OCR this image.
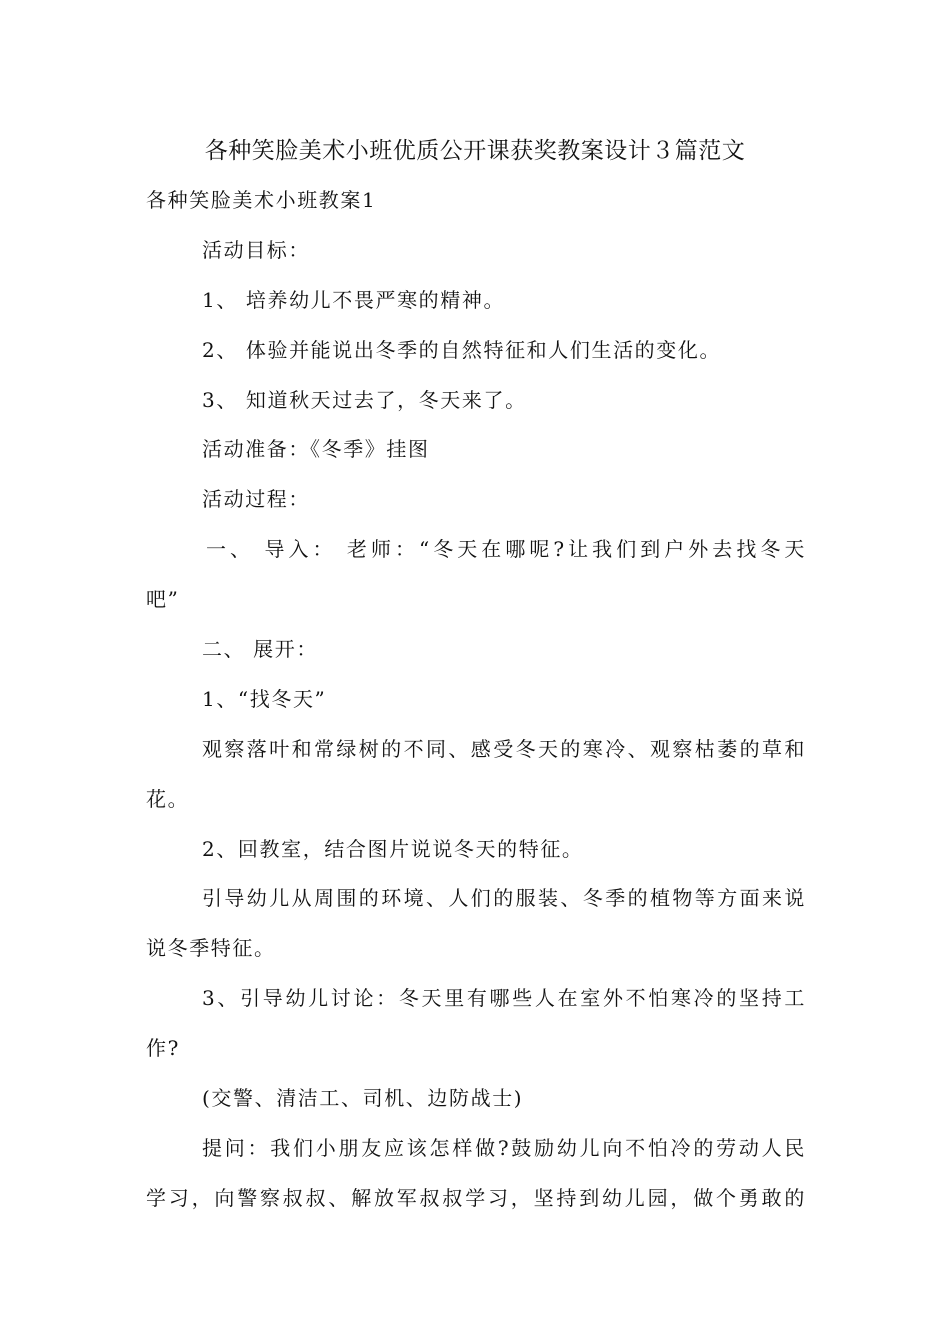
各种笑脸美术小班优质公开课获奖教案设计３篇范文
各种笑脸美术小班教案1
活动目标：
1、 培养幼儿不畏严寒的精神。
2、 体验并能说出冬季的自然特征和人们生活的变化。
3、 知道秋天过去了，冬天来了。
活动准备：《冬季》挂图
活动过程：
一、 导入： 老师：“冬天在哪呢?让我们到户外去找冬天
吧”
二、 展开：
1、“找冬天”
观察落叶和常绿树的不同、感受冬天的寒冷、观察枯萎的草和
花。
2、回教室，结合图片说说冬天的特征。
引导幼儿从周围的环境、人们的服装、冬季的植物等方面来说
说冬季特征。
3、引导幼儿讨论：冬天里有哪些人在室外不怕寒冷的坚持工
作?
(交警、清洁工、司机、边防战士)
提问：我们小朋友应该怎样做?鼓励幼儿向不怕冷的劳动人民
学习，向警察叔叔、解放军叔叔学习，坚持到幼儿园，做个勇敢的
